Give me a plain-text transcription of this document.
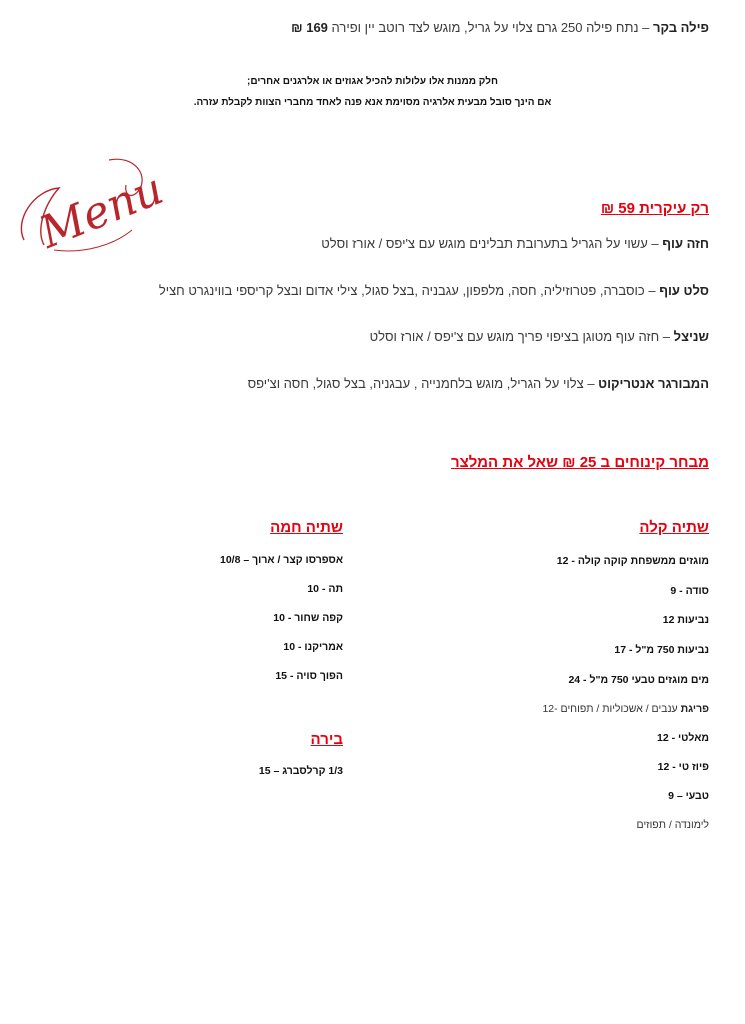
פילה בקר – נתח פילה 250 גרם צלוי על גריל, מוגש לצד רוטב יין ופירה 169 ₪
חלק ממנות אלו עלולות להכיל אגוזים או אלרגנים אחרים;
אם הינך סובל מבעית אלרגיה מסוימת אנא פנה לאחד מחברי הצוות לקבלת עזרה.
Menu	רק עיקרית 59 ₪
חזה עוף – עשוי על הגריל בתערובת תבלינים מוגש עם צ'יפס / אורז וסלט
סלט עוף – כוסברה, פטרוזיליה, חסה, מלפפון, עגבניה ,בצל סגול, צילי אדום ובצל קריספי בווינגרט חציל
שניצל – חזה עוף מטוגן בציפוי פריך מוגש עם צ'יפס / אורז וסלט
המבורגר אנטריקוט – צלוי על הגריל, מוגש בלחמנייה , עבגניה, בצל סגול, חסה וצ'יפס
מבחר קינוחים ב 25 ₪ שאל את המלצר
שתיה קלה
מוגזים ממשפחת קוקה קולה - 12
סודה - 9
נביעות 12
נביעות 750 מ"ל - 17
מים מוגזים טבעי 750 מ"ל - 24
פריגת ענבים / אשכוליות / תפוחים -12
מאלטי - 12
פיוז טי - 12
טבעי – 9
לימונדה / תפוזים
שתיה חמה
אספרסו קצר / ארוך – 10/8
תה - 10
קפה שחור - 10
אמריקנו - 10
הפוך סויה - 15
בירה
1/3 קרלסברג – 15
